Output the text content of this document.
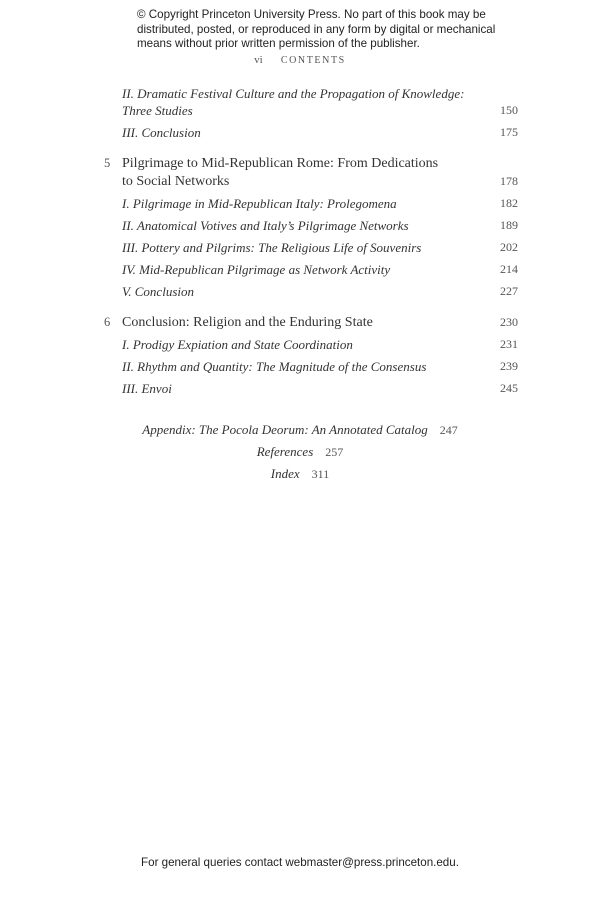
© Copyright Princeton University Press. No part of this book may be
distributed, posted, or reproduced in any form by digital or mechanical
means without prior written permission of the publisher.
vi CONTENTS
II. Dramatic Festival Culture and the Propagation of Knowledge:
Three Studies	150
III. Conclusion	175
5 Pilgrimage to Mid-Republican Rome: From Dedications
to Social Networks	178
I. Pilgrimage in Mid-Republican Italy: Prolegomena	182
II. Anatomical Votives and Italy’s Pilgrimage Networks	189
III. Pottery and Pilgrims: The Religious Life of Souvenirs	202
IV. Mid-Republican Pilgrimage as Network Activity	214
V. Conclusion	227
6 Conclusion: Religion and the Enduring State	230
I. Prodigy Expiation and State Coordination	231
II. Rhythm and Quantity: The Magnitude of the Consensus	239
III. Envoi	245
Appendix: The Pocola Deorum: An Annotated Catalog 247
References 257
Index 311
For general queries contact webmaster@press.princeton.edu.
